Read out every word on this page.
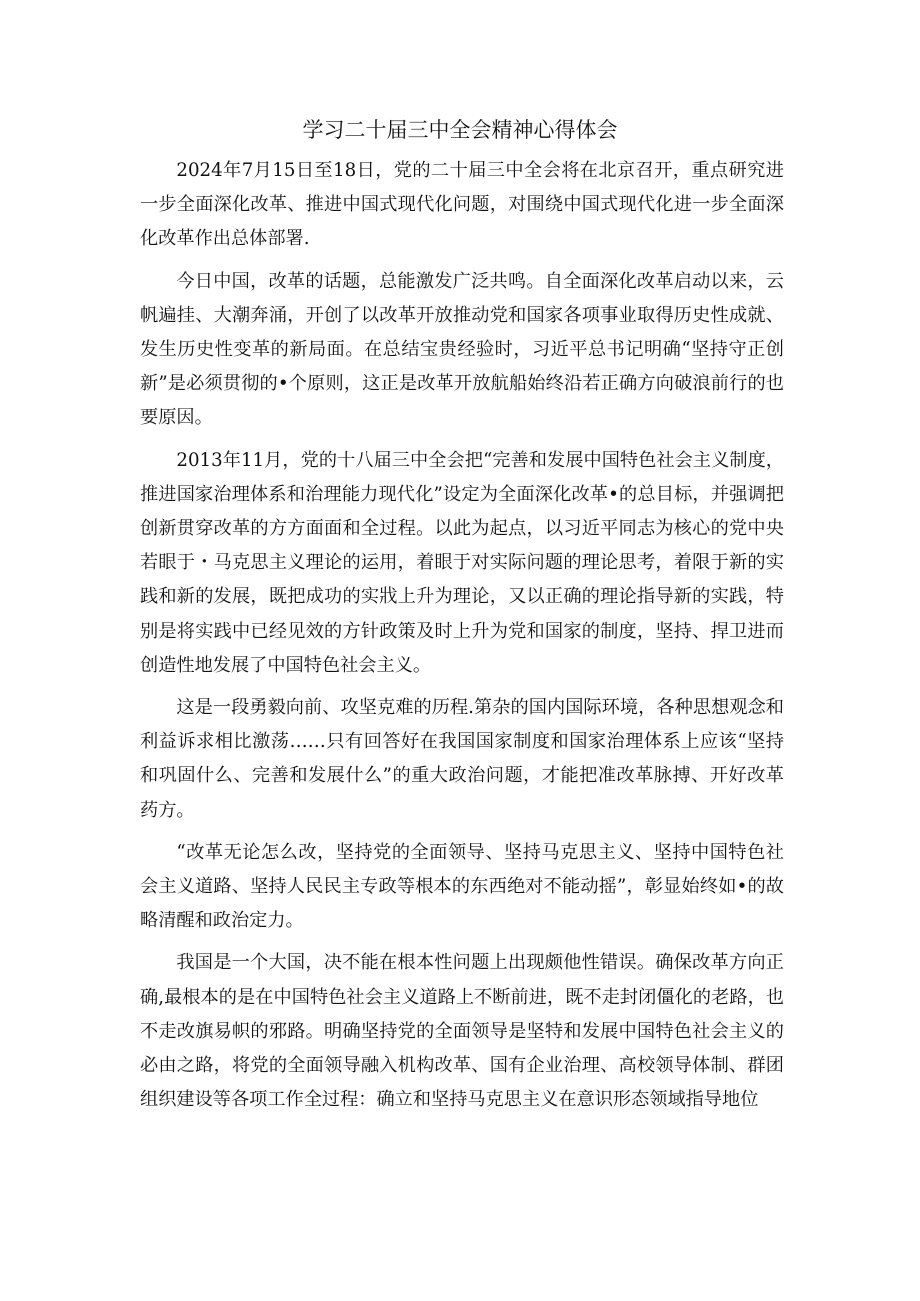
学习二十届三中全会精神心得体会

2024年7月15日至18日，党的二十届三中全会将在北京召开，重点研究进一步全面深化改革、推进中国式现代化问题，对围绕中国式现代化进一步全面深化改革作出总体部署.

今日中国，改革的话题，总能激发广泛共鸣。自全面深化改革启动以来，云帆遍挂、大潮奔涌，开创了以改革开放推动党和国家各项事业取得历史性成就、发生历史性变革的新局面。在总结宝贵经验时，习近平总书记明确“坚持守正创新”是必须贯彻的•个原则，这正是改革开放航船始终沿若正确方向破浪前行的也要原因。

2013年11月，党的十八届三中全会把“完善和发展中国特色社会主义制度，推进国家治理体系和治理能力现代化”设定为全面深化改革•的总目标，并强调把创新贯穿改革的方方面面和全过程。以此为起点，以习近平同志为核心的党中央若眼于・马克思主义理论的运用，着眼于对实际问题的理论思考，着限于新的实践和新的发展，既把成功的实戕上升为理论，又以正确的理论指导新的实践，特别是将实践中已经见效的方针政策及时上升为党和国家的制度，坚持、捍卫进而创造性地发展了中国特色社会主义。

这是一段勇毅向前、攻坚克难的历程.第杂的国内国际环境，各种思想观念和利益诉求相比激荡……只有回答好在我国国家制度和国家治理体系上应该“坚持和巩固什么、完善和发展什么”的重大政治问题，才能把准改革脉搏、开好改革药方。

“改革无论怎么改，坚持党的全面领导、坚持马克思主义、坚持中国特色社会主义道路、坚持人民民主专政等根本的东西绝对不能动摇”，彰显始终如•的故略清醒和政治定力。

我国是一个大国，决不能在根本性问题上出现颇他性错误。确保改革方向正确,最根本的是在中国特色社会主义道路上不断前进，既不走封闭僵化的老路，也不走改旗易帜的邪路。明确坚持党的全面领导是坚特和发展中国特色社会主义的必由之路，将党的全面领导融入机构改革、国有企业治理、高校领导体制、群团组织建设等各项工作全过程：确立和坚持马克思主义在意识形态领域指导地位
